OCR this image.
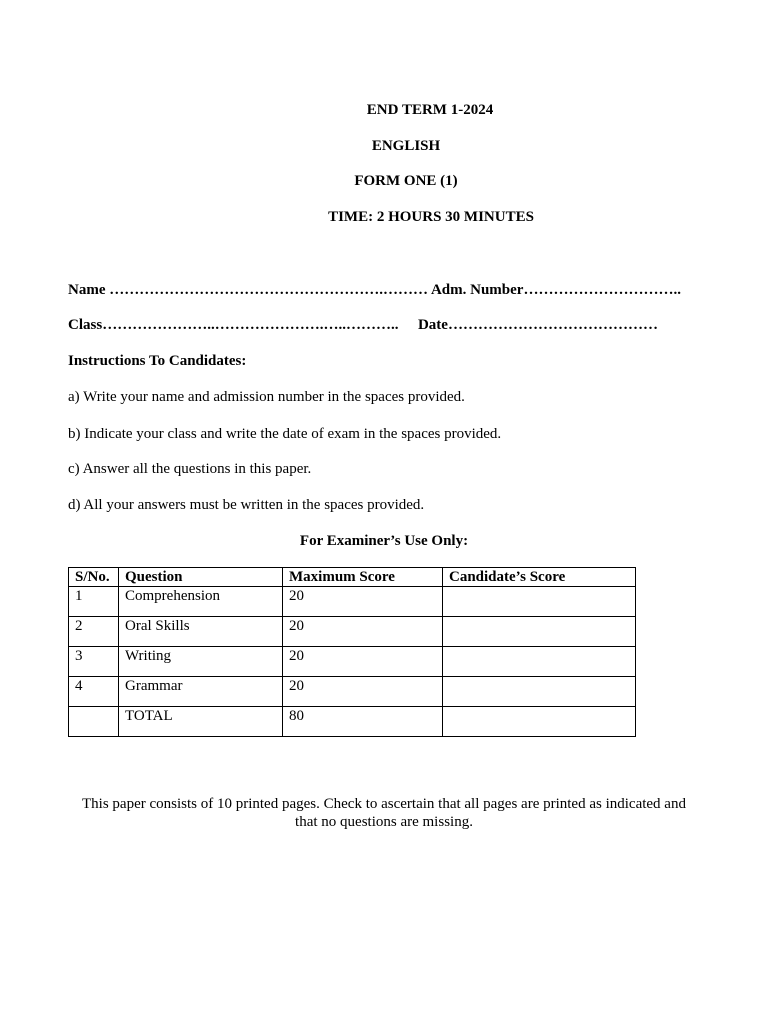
END TERM 1-2024
ENGLISH
FORM ONE (1)
TIME: 2 HOURS 30 MINUTES
Name ……………………………………………….……… Adm. Number…………………………..
Class…………………..………………….…..……….. Date……………………………………
Instructions To Candidates:
a) Write your name and admission number in the spaces provided.
b) Indicate your class and write the date of exam in the spaces provided.
c) Answer all the questions in this paper.
d) All your answers must be written in the spaces provided.
For Examiner’s Use Only:
S/No.	Question	Maximum Score	Candidate’s Score
1	Comprehension	20	
2	Oral Skills	20	
3	Writing	20	
4	Grammar	20	
	TOTAL	80	
This paper consists of 10 printed pages. Check to ascertain that all pages are printed as indicated and that no questions are missing.
